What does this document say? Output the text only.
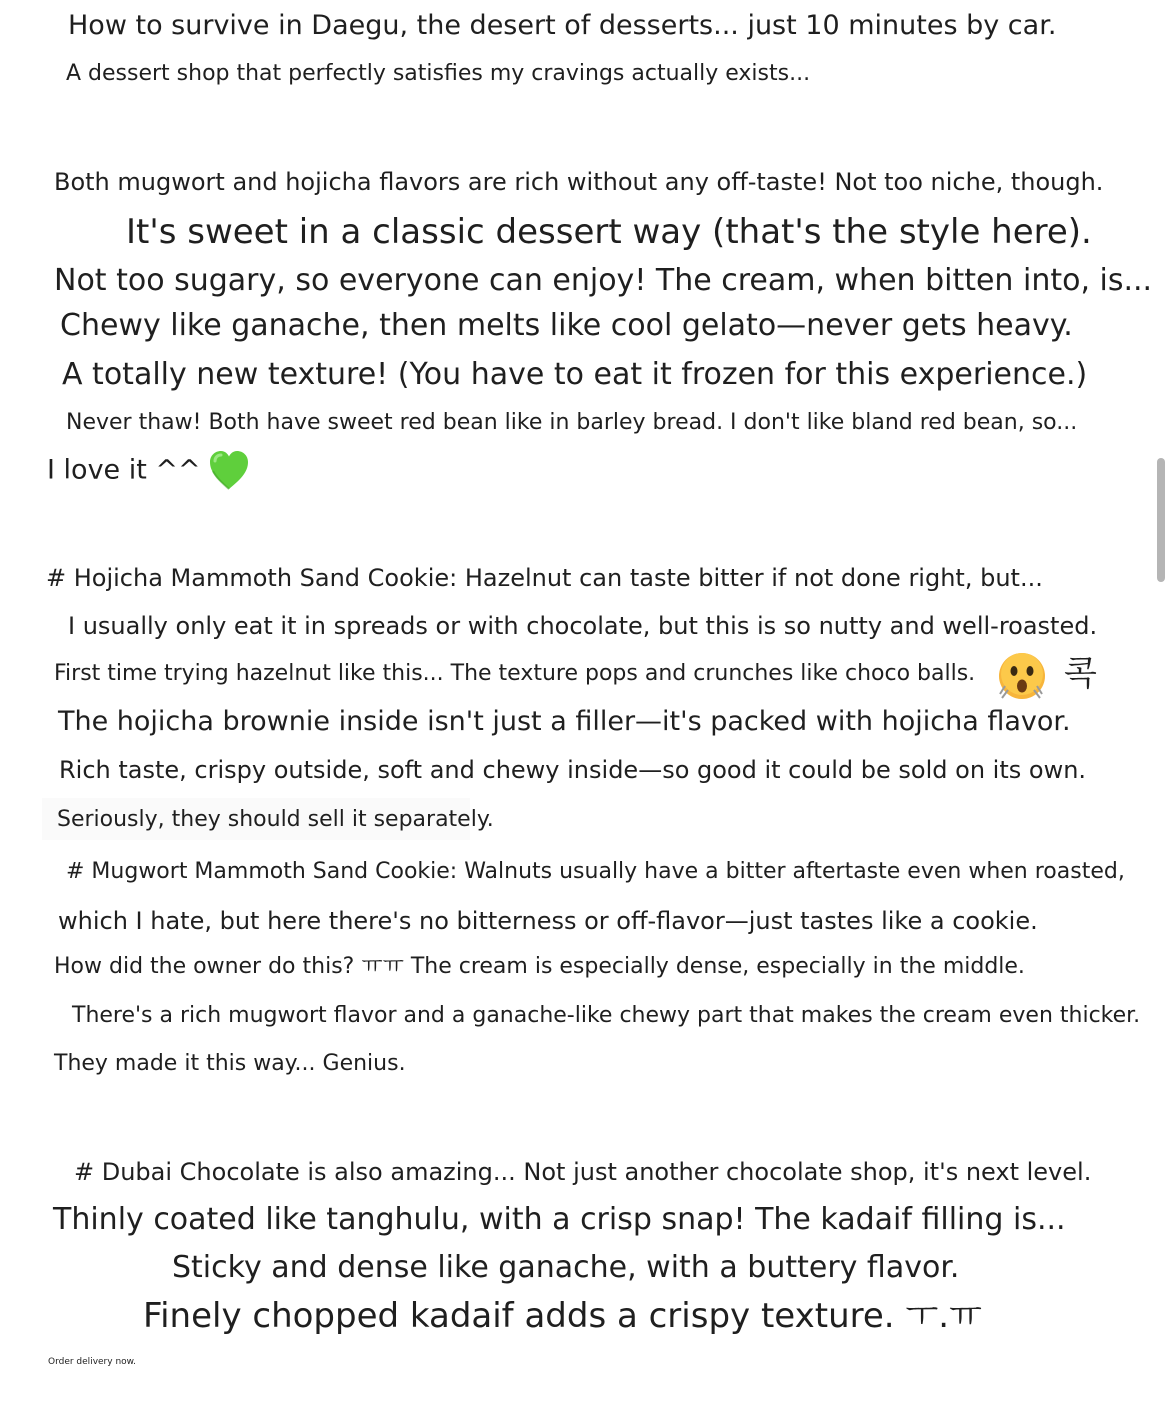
How to survive in Daegu, the desert of desserts... just 10 minutes by car.

A dessert shop that perfectly satisfies my cravings actually exists...

Both mugwort and hojicha flavors are rich without any off-taste! Not too niche, though.

It's sweet in a classic dessert way (that's the style here).

Not too sugary, so everyone can enjoy! The cream, when bitten into, is...

Chewy like ganache, then melts like cool gelato—never gets heavy.

A totally new texture! (You have to eat it frozen for this experience.)

Never thaw! Both have sweet red bean like in barley bread. I don't like bland red bean, so...

I love it ^^

# Hojicha Mammoth Sand Cookie: Hazelnut can taste bitter if not done right, but...

I usually only eat it in spreads or with chocolate, but this is so nutty and well-roasted.

First time trying hazelnut like this... The texture pops and crunches like choco balls.	콕

The hojicha brownie inside isn't just a filler—it's packed with hojicha flavor.

Rich taste, crispy outside, soft and chewy inside—so good it could be sold on its own.

Seriously, they should sell it separately.

# Mugwort Mammoth Sand Cookie: Walnuts usually have a bitter aftertaste even when roasted,

which I hate, but here there's no bitterness or off-flavor—just tastes like a cookie.

How did the owner do this? ㅠㅠ The cream is especially dense, especially in the middle.

There's a rich mugwort flavor and a ganache-like chewy part that makes the cream even thicker.

They made it this way... Genius.

# Dubai Chocolate is also amazing... Not just another chocolate shop, it's next level.

Thinly coated like tanghulu, with a crisp snap! The kadaif filling is...

Sticky and dense like ganache, with a buttery flavor.

Finely chopped kadaif adds a crispy texture. ㅜ.ㅠ

Order delivery now.
